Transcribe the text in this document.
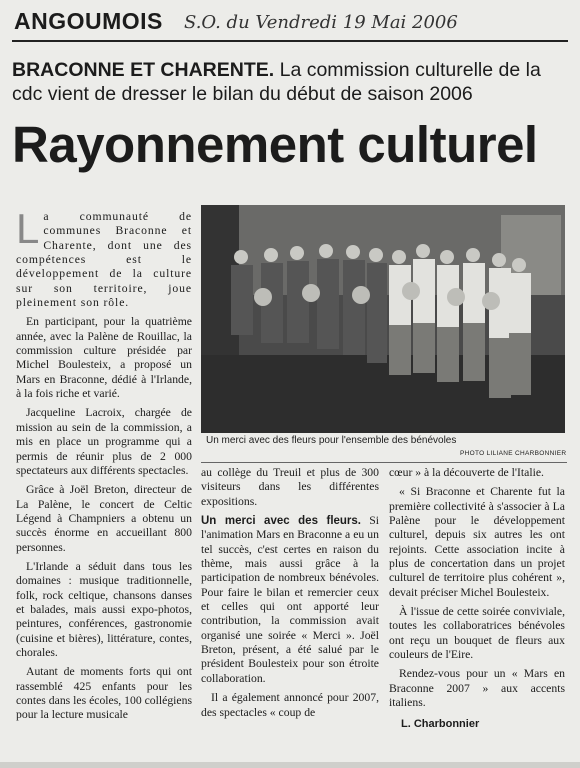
ANGOUMOIS S.O. du Vendredi 19 Mai 2006
BRACONNE ET CHARENTE. La commission culturelle de la cdc vient de dresser le bilan du début de saison 2006
Rayonnement culturel

La communauté de communes Braconne et Charente, dont une des compétences est le développement de la culture sur son territoire, joue pleinement son rôle.

En participant, pour la quatrième année, avec la Palène de Rouillac, la commission culture présidée par Michel Boulesteix, a proposé un Mars en Braconne, dédié à l'Irlande, à la fois riche et varié.

Jacqueline Lacroix, chargée de mission au sein de la commission, a mis en place un programme qui a permis de réunir plus de 2 000 spectateurs aux différents spectacles.

Grâce à Joël Breton, directeur de La Palène, le concert de Celtic Légend à Champniers a obtenu un succès énorme en accueillant 800 personnes.

L'Irlande a séduit dans tous les domaines : musique traditionnelle, folk, rock celtique, chansons danses et balades, mais aussi expo-photos, peintures, conférences, gastronomie (cuisine et bières), littérature, contes, chorales.

Autant de moments forts qui ont rassemblé 425 enfants pour les contes dans les écoles, 100 collégiens pour la lecture musicale

Un merci avec des fleurs pour l'ensemble des bénévoles
PHOTO LILIANE CHARBONNIER

au collège du Treuil et plus de 300 visiteurs dans les différentes expositions.

Un merci avec des fleurs. Si l'animation Mars en Braconne a eu un tel succès, c'est certes en raison du thème, mais aussi grâce à la participation de nombreux bénévoles. Pour faire le bilan et remercier ceux et celles qui ont apporté leur contribution, la commission avait organisé une soirée « Merci ». Joël Breton, présent, a été salué par le président Boulesteix pour son étroite collaboration.

Il a également annoncé pour 2007, des spectacles « coup de

cœur » à la découverte de l'Italie.

« Si Braconne et Charente fut la première collectivité à s'associer à La Palène pour le développement culturel, depuis six autres les ont rejoints. Cette association incite à plus de concertation dans un projet culturel de territoire plus cohérent », devait préciser Michel Boulesteix.

À l'issue de cette soirée conviviale, toutes les collaboratrices bénévoles ont reçu un bouquet de fleurs aux couleurs de l'Eire.

Rendez-vous pour un « Mars en Braconne 2007 » aux accents italiens.

L. Charbonnier
